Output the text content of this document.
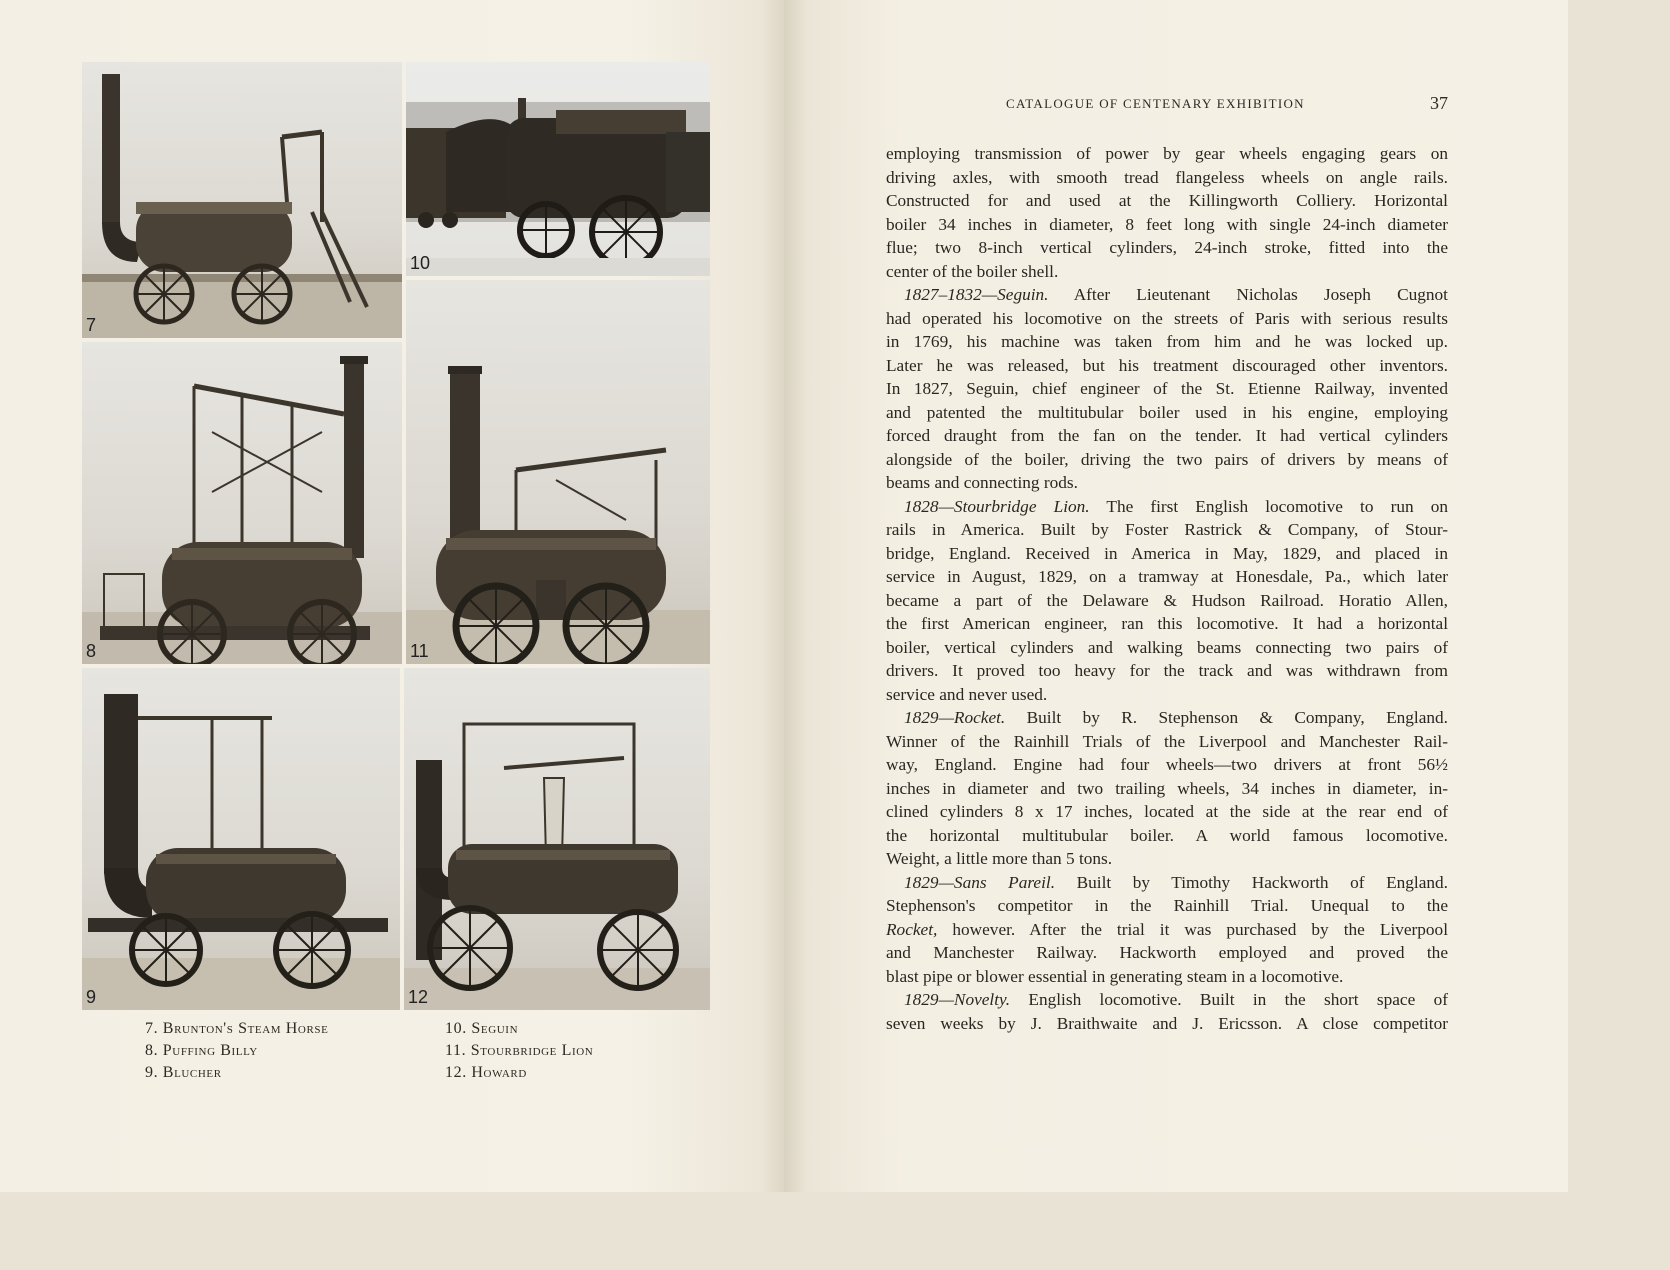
7
10
8	11
9	12
7. Brunton's Steam Horse
8. Puffing Billy
9. Blucher
10. Seguin
11. Stourbridge Lion
12. Howard
CATALOGUE OF CENTENARY EXHIBITION	37
employing transmission of power by gear wheels engaging gears on
driving axles, with smooth tread flangeless wheels on angle rails.
Constructed for and used at the Killingworth Colliery. Horizontal
boiler 34 inches in diameter, 8 feet long with single 24-inch diameter
flue; two 8-inch vertical cylinders, 24-inch stroke, fitted into the
center of the boiler shell.
1827–1832—Seguin. After Lieutenant Nicholas Joseph Cugnot
had operated his locomotive on the streets of Paris with serious results
in 1769, his machine was taken from him and he was locked up.
Later he was released, but his treatment discouraged other inventors.
In 1827, Seguin, chief engineer of the St. Etienne Railway, invented
and patented the multitubular boiler used in his engine, employing
forced draught from the fan on the tender. It had vertical cylinders
alongside of the boiler, driving the two pairs of drivers by means of
beams and connecting rods.
1828—Stourbridge Lion. The first English locomotive to run on
rails in America. Built by Foster Rastrick & Company, of Stour-
bridge, England. Received in America in May, 1829, and placed in
service in August, 1829, on a tramway at Honesdale, Pa., which later
became a part of the Delaware & Hudson Railroad. Horatio Allen,
the first American engineer, ran this locomotive. It had a horizontal
boiler, vertical cylinders and walking beams connecting two pairs of
drivers. It proved too heavy for the track and was withdrawn from
service and never used.
1829—Rocket. Built by R. Stephenson & Company, England.
Winner of the Rainhill Trials of the Liverpool and Manchester Rail-
way, England. Engine had four wheels—two drivers at front 56½
inches in diameter and two trailing wheels, 34 inches in diameter, in-
clined cylinders 8 x 17 inches, located at the side at the rear end of
the horizontal multitubular boiler. A world famous locomotive.
Weight, a little more than 5 tons.
1829—Sans Pareil. Built by Timothy Hackworth of England.
Stephenson's competitor in the Rainhill Trial. Unequal to the
Rocket, however. After the trial it was purchased by the Liverpool
and Manchester Railway. Hackworth employed and proved the
blast pipe or blower essential in generating steam in a locomotive.
1829—Novelty. English locomotive. Built in the short space of
seven weeks by J. Braithwaite and J. Ericsson. A close competitor
